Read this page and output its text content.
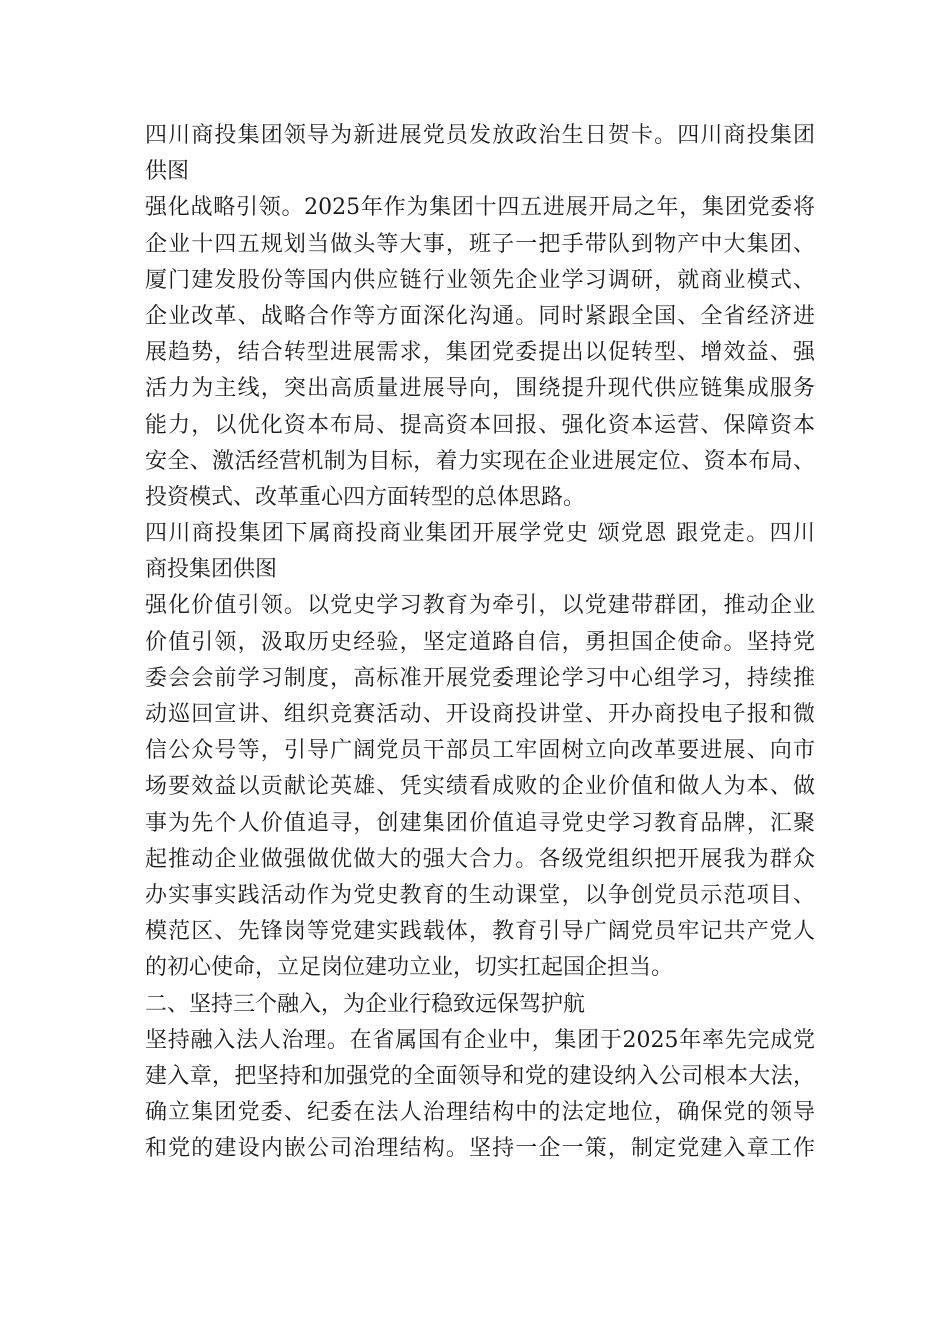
四川商投集团领导为新进展党员发放政治生日贺卡。四川商投集团
供图
强化战略引领。2025年作为集团十四五进展开局之年，集团党委将
企业十四五规划当做头等大事，班子一把手带队到物产中大集团、
厦门建发股份等国内供应链行业领先企业学习调研，就商业模式、
企业改革、战略合作等方面深化沟通。同时紧跟全国、全省经济进
展趋势，结合转型进展需求，集团党委提出以促转型、增效益、强
活力为主线，突出高质量进展导向，围绕提升现代供应链集成服务
能力，以优化资本布局、提高资本回报、强化资本运营、保障资本
安全、激活经营机制为目标，着力实现在企业进展定位、资本布局、
投资模式、改革重心四方面转型的总体思路。
四川商投集团下属商投商业集团开展学党史 颂党恩 跟党走。四川
商投集团供图
强化价值引领。以党史学习教育为牵引，以党建带群团，推动企业
价值引领，汲取历史经验，坚定道路自信，勇担国企使命。坚持党
委会会前学习制度，高标准开展党委理论学习中心组学习，持续推
动巡回宣讲、组织竞赛活动、开设商投讲堂、开办商投电子报和微
信公众号等，引导广阔党员干部员工牢固树立向改革要进展、向市
场要效益以贡献论英雄、凭实绩看成败的企业价值和做人为本、做
事为先个人价值追寻，创建集团价值追寻党史学习教育品牌，汇聚
起推动企业做强做优做大的强大合力。各级党组织把开展我为群众
办实事实践活动作为党史教育的生动课堂，以争创党员示范项目、
模范区、先锋岗等党建实践载体，教育引导广阔党员牢记共产党人
的初心使命，立足岗位建功立业，切实扛起国企担当。
二、坚持三个融入，为企业行稳致远保驾护航
坚持融入法人治理。在省属国有企业中，集团于2025年率先完成党
建入章，把坚持和加强党的全面领导和党的建设纳入公司根本大法，
确立集团党委、纪委在法人治理结构中的法定地位，确保党的领导
和党的建设内嵌公司治理结构。坚持一企一策，制定党建入章工作
